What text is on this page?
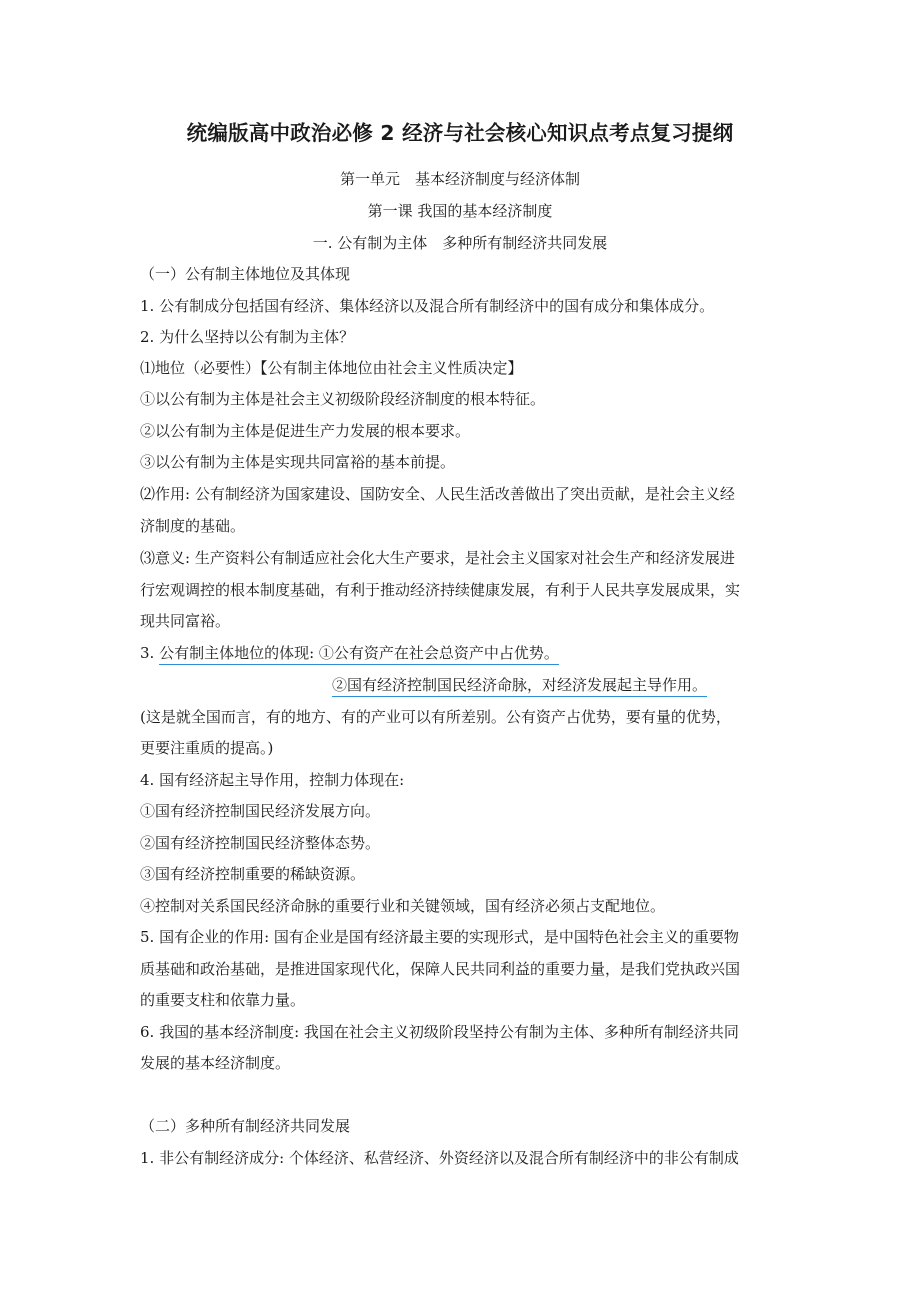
统编版高中政治必修 2 经济与社会核心知识点考点复习提纲
第一单元　基本经济制度与经济体制
第一课 我国的基本经济制度
一. 公有制为主体　多种所有制经济共同发展
（一）公有制主体地位及其体现
1. 公有制成分包括国有经济、集体经济以及混合所有制经济中的国有成分和集体成分。
2. 为什么坚持以公有制为主体？
⑴地位（必要性）【公有制主体地位由社会主义性质决定】
①以公有制为主体是社会主义初级阶段经济制度的根本特征。
②以公有制为主体是促进生产力发展的根本要求。
③以公有制为主体是实现共同富裕的基本前提。
⑵作用: 公有制经济为国家建设、国防安全、人民生活改善做出了突出贡献，是社会主义经
济制度的基础。
⑶意义: 生产资料公有制适应社会化大生产要求，是社会主义国家对社会生产和经济发展进
行宏观调控的根本制度基础，有利于推动经济持续健康发展，有利于人民共享发展成果，实
现共同富裕。
3. 公有制主体地位的体现: ①公有资产在社会总资产中占优势。
②国有经济控制国民经济命脉，对经济发展起主导作用。
(这是就全国而言，有的地方、有的产业可以有所差别。公有资产占优势，要有量的优势，
更要注重质的提高。)
4. 国有经济起主导作用，控制力体现在:
①国有经济控制国民经济发展方向。
②国有经济控制国民经济整体态势。
③国有经济控制重要的稀缺资源。
④控制对关系国民经济命脉的重要行业和关键领域，国有经济必须占支配地位。
5. 国有企业的作用: 国有企业是国有经济最主要的实现形式，是中国特色社会主义的重要物
质基础和政治基础，是推进国家现代化，保障人民共同利益的重要力量，是我们党执政兴国
的重要支柱和依靠力量。
6. 我国的基本经济制度: 我国在社会主义初级阶段坚持公有制为主体、多种所有制经济共同
发展的基本经济制度。
（二）多种所有制经济共同发展
1. 非公有制经济成分: 个体经济、私营经济、外资经济以及混合所有制经济中的非公有制成
